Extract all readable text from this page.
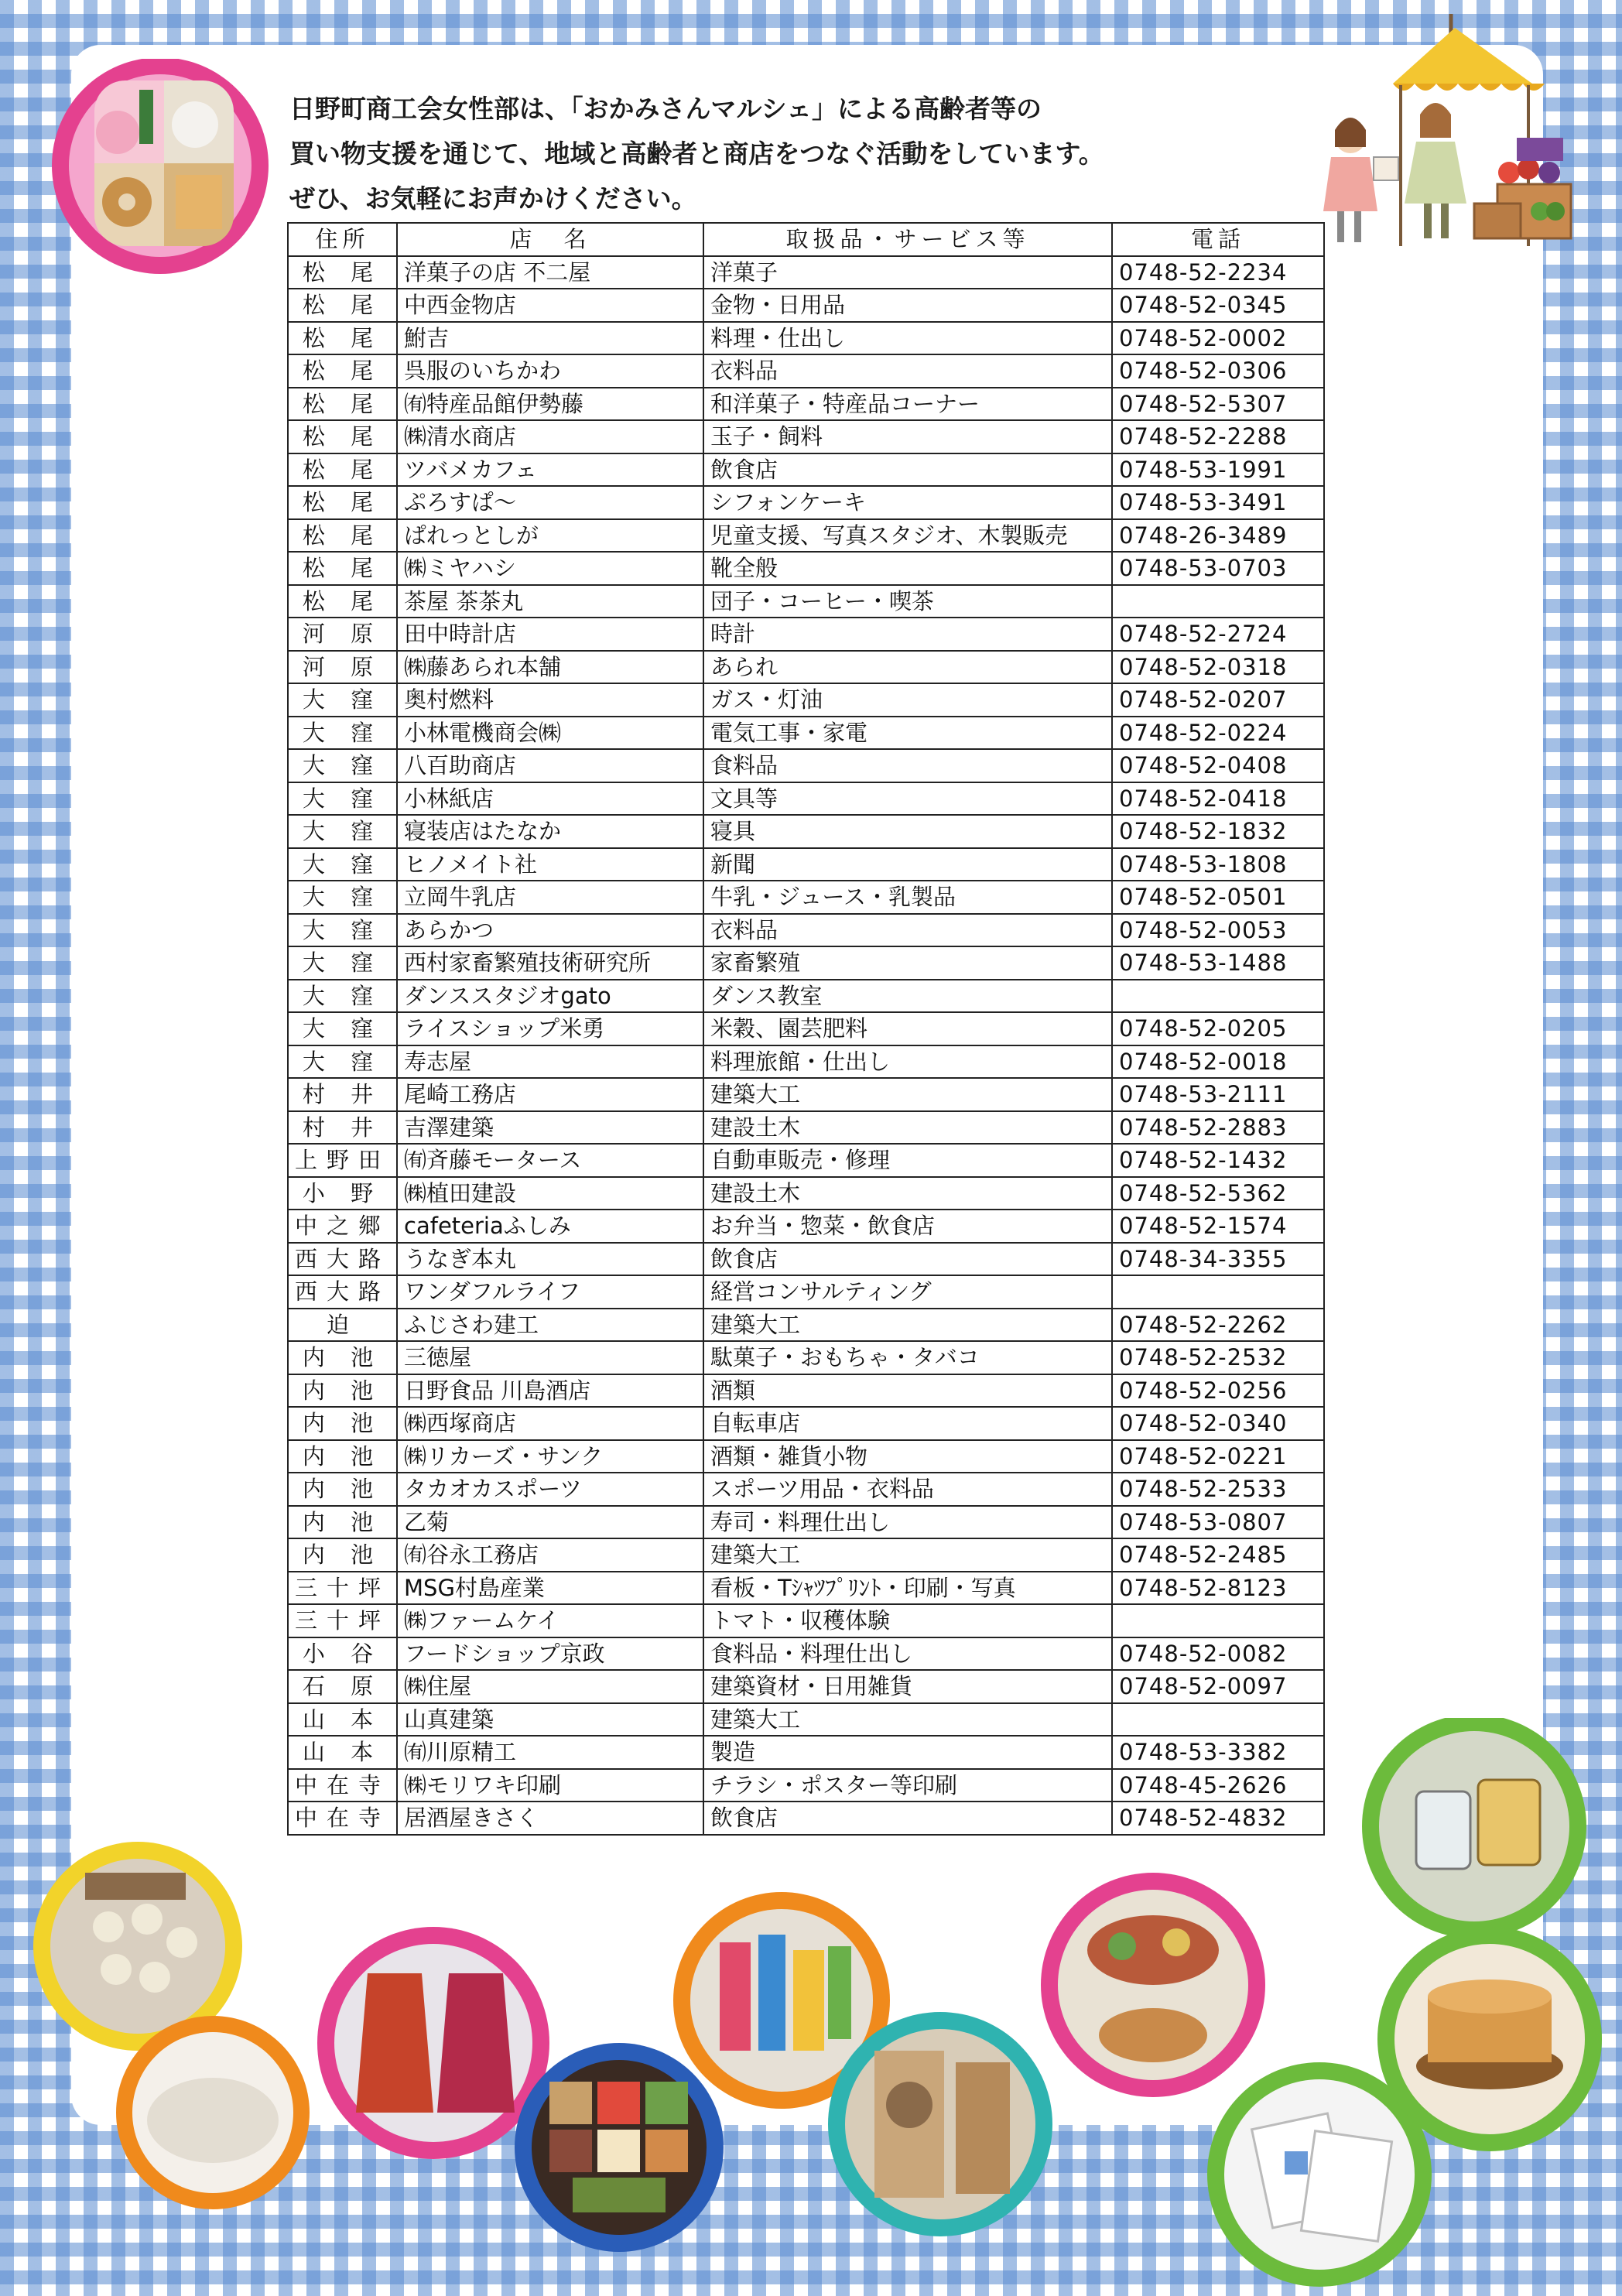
日野町商工会女性部は、「おかみさんマルシェ」による高齢者等の
買い物支援を通じて、地域と高齢者と商店をつなぐ活動をしています。
ぜひ、お気軽にお声かけください。
住所	店　名	取扱品・サービス等	電話
松 尾	洋菓子の店 不二屋	洋菓子	0748-52-2234
松 尾	中西金物店	金物・日用品	0748-52-0345
松 尾	鮒吉	料理・仕出し	0748-52-0002
松 尾	呉服のいちかわ	衣料品	0748-52-0306
松 尾	㈲特産品館伊勢藤	和洋菓子・特産品コーナー	0748-52-5307
松 尾	㈱清水商店	玉子・飼料	0748-52-2288
松 尾	ツバメカフェ	飲食店	0748-53-1991
松 尾	ぷろすぱ～	シフォンケーキ	0748-53-3491
松 尾	ぱれっとしが	児童支援、写真スタジオ、木製販売	0748-26-3489
松 尾	㈱ミヤハシ	靴全般	0748-53-0703
松 尾	茶屋 茶茶丸	団子・コーヒー・喫茶	
河 原	田中時計店	時計	0748-52-2724
河 原	㈱藤あられ本舗	あられ	0748-52-0318
大 窪	奥村燃料	ガス・灯油	0748-52-0207
大 窪	小林電機商会㈱	電気工事・家電	0748-52-0224
大 窪	八百助商店	食料品	0748-52-0408
大 窪	小林紙店	文具等	0748-52-0418
大 窪	寝装店はたなか	寝具	0748-52-1832
大 窪	ヒノメイト社	新聞	0748-53-1808
大 窪	立岡牛乳店	牛乳・ジュース・乳製品	0748-52-0501
大 窪	あらかつ	衣料品	0748-52-0053
大 窪	西村家畜繁殖技術研究所	家畜繁殖	0748-53-1488
大 窪	ダンススタジオgato	ダンス教室	
大 窪	ライスショップ米勇	米穀、園芸肥料	0748-52-0205
大 窪	寿志屋	料理旅館・仕出し	0748-52-0018
村 井	尾崎工務店	建築大工	0748-53-2111
村 井	吉澤建築	建設土木	0748-52-2883
上野田	㈲斉藤モータース	自動車販売・修理	0748-52-1432
小 野	㈱植田建設	建設土木	0748-52-5362
中之郷	cafeteriaふしみ	お弁当・惣菜・飲食店	0748-52-1574
西大路	うなぎ本丸	飲食店	0748-34-3355
西大路	ワンダフルライフ	経営コンサルティング	
迫	ふじさわ建工	建築大工	0748-52-2262
内 池	三徳屋	駄菓子・おもちゃ・タバコ	0748-52-2532
内 池	日野食品 川島酒店	酒類	0748-52-0256
内 池	㈱西塚商店	自転車店	0748-52-0340
内 池	㈱リカーズ・サンク	酒類・雑貨小物	0748-52-0221
内 池	タカオカスポーツ	スポーツ用品・衣料品	0748-52-2533
内 池	乙菊	寿司・料理仕出し	0748-53-0807
内 池	㈲谷永工務店	建築大工	0748-52-2485
三十坪	MSG村島産業	看板・Tｼｬﾂﾌﾟﾘﾝﾄ・印刷・写真	0748-52-8123
三十坪	㈱ファームケイ	トマト・収穫体験	
小 谷	フードショップ京政	食料品・料理仕出し	0748-52-0082
石 原	㈱住屋	建築資材・日用雑貨	0748-52-0097
山 本	山真建築	建築大工	
山 本	㈲川原精工	製造	0748-53-3382
中在寺	㈱モリワキ印刷	チラシ・ポスター等印刷	0748-45-2626
中在寺	居酒屋きさく	飲食店	0748-52-4832
